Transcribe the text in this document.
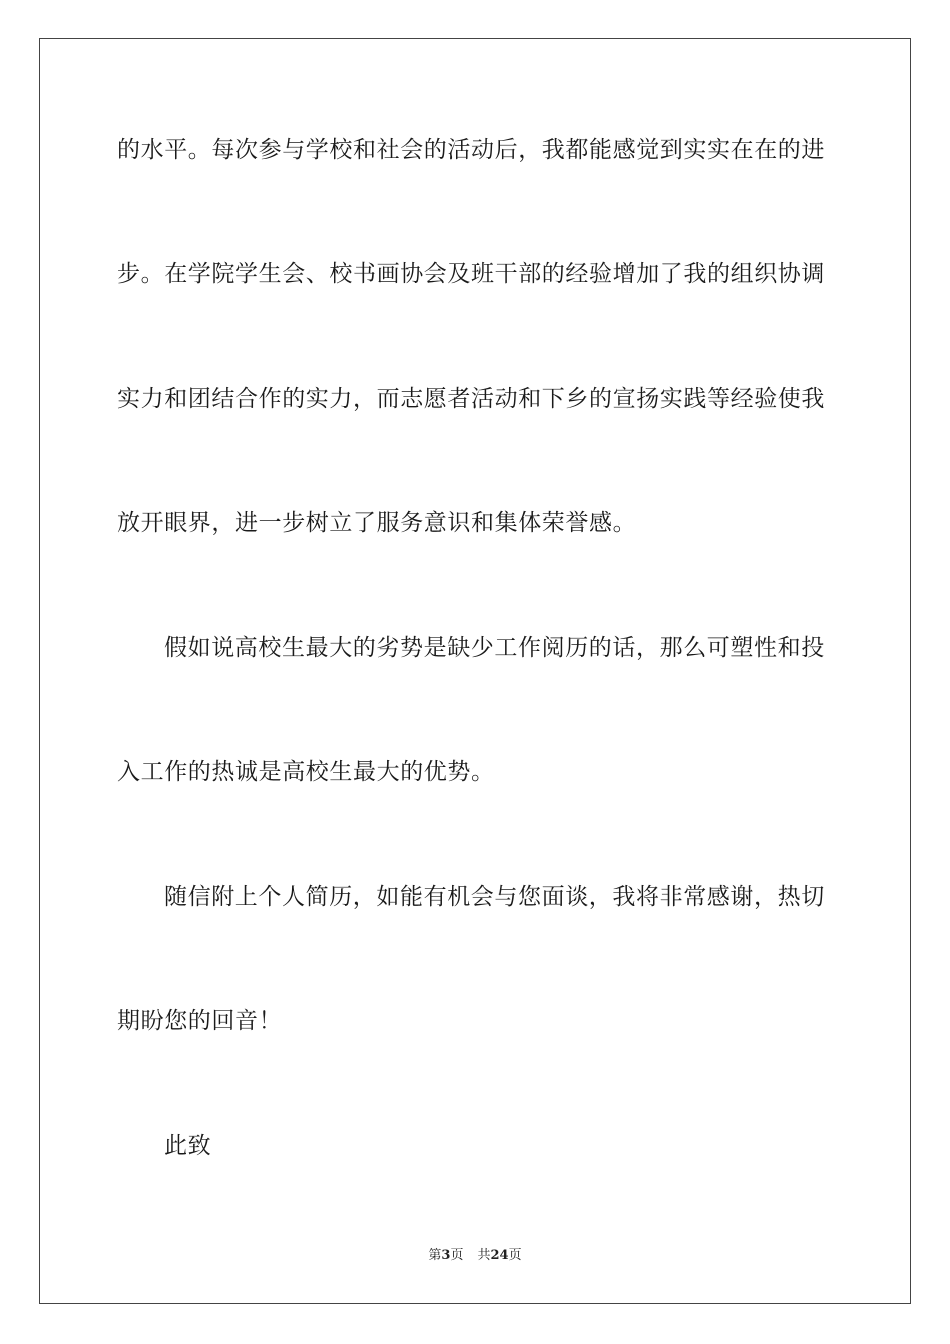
的水平。每次参与学校和社会的活动后，我都能感觉到实实在在的进
步。在学院学生会、校书画协会及班干部的经验增加了我的组织协调
实力和团结合作的实力，而志愿者活动和下乡的宣扬实践等经验使我
放开眼界，进一步树立了服务意识和集体荣誉感。
假如说高校生最大的劣势是缺少工作阅历的话，那么可塑性和投
入工作的热诚是高校生最大的优势。
随信附上个人简历，如能有机会与您面谈，我将非常感谢，热切
期盼您的回音！
此致
第3页 共24页
